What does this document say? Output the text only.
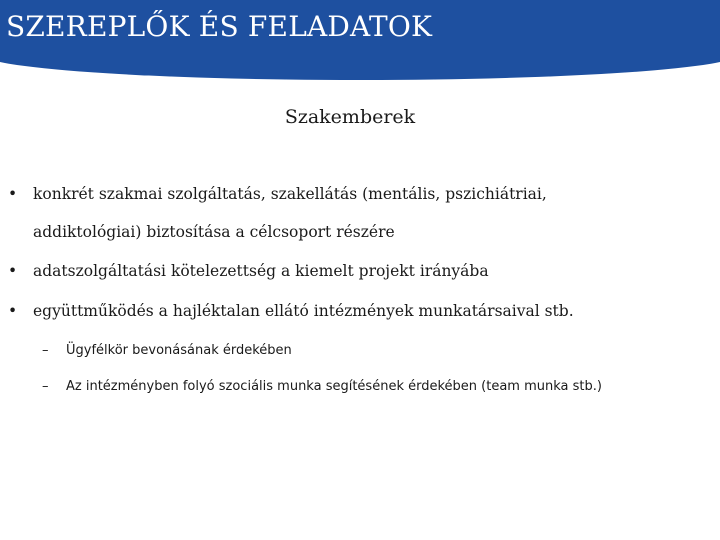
SZEREPLŐK ÉS FELADATOK

Szakemberek

• konkrét szakmai szolgáltatás, szakellátás (mentális, pszichiátriai,
addiktológiai) biztosítása a célcsoport részére
• adatszolgáltatási kötelezettség a kiemelt projekt irányába
• együttműködés a hajléktalan ellátó intézmények munkatársaival stb.
– Ügyfélkör bevonásának érdekében
– Az intézményben folyó szociális munka segítésének érdekében (team munka stb.)
